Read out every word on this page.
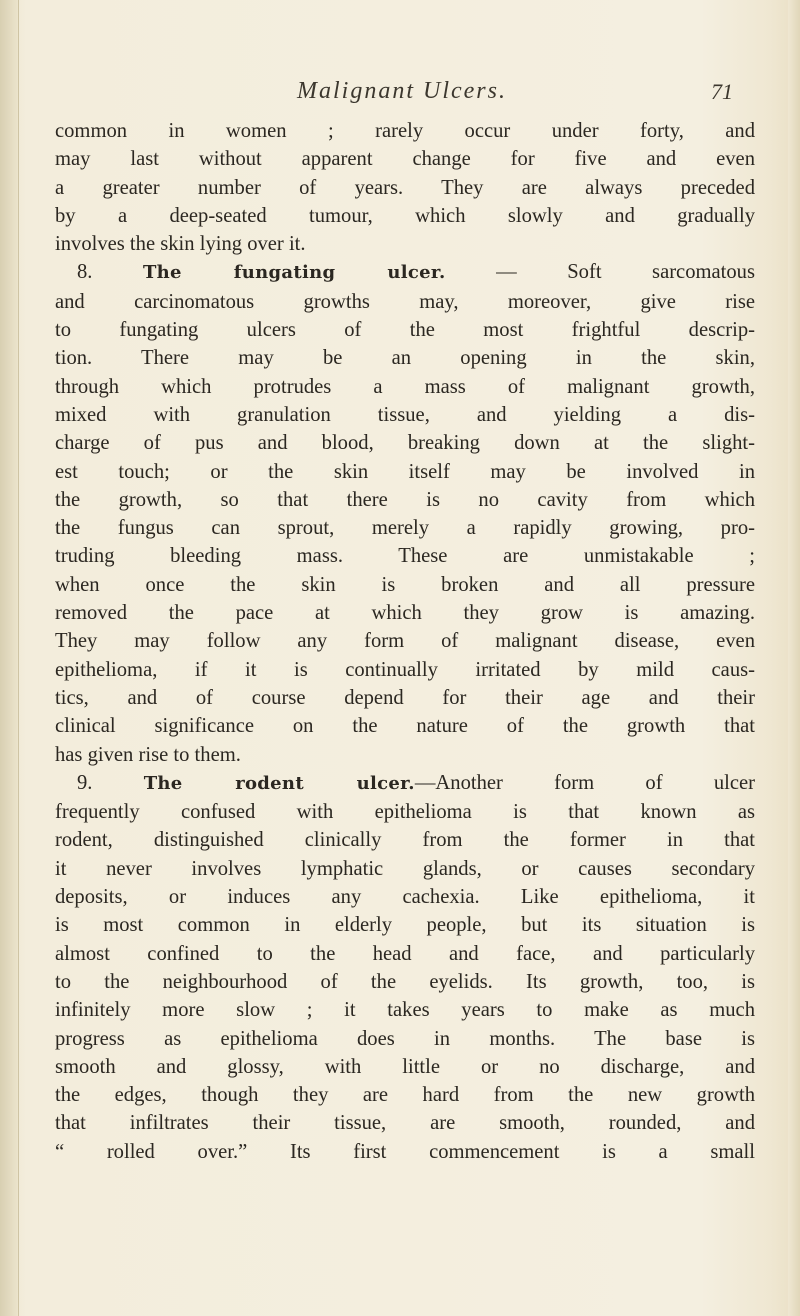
Malignant Ulcers.	71
common in women ; rarely occur under forty, and
may last without apparent change for five and even
a greater number of years. They are always preceded
by a deep-seated tumour, which slowly and gradually
involves the skin lying over it.
8.	The fungating ulcer. — Soft sarcomatous
and carcinomatous growths may, moreover, give rise
to fungating ulcers of the most frightful descrip-
tion. There may be an opening in the skin,
through which protrudes a mass of malignant growth,
mixed with granulation tissue, and yielding a dis-
charge of pus and blood, breaking down at the slight-
est touch; or the skin itself may be involved in
the growth, so that there is no cavity from which
the fungus can sprout, merely a rapidly growing, pro-
truding bleeding mass. These are unmistakable ;
when once the skin is broken and all pressure
removed the pace at which they grow is amazing.
They may follow any form of malignant disease, even
epithelioma, if it is continually irritated by mild caus-
tics, and of course depend for their age and their
clinical significance on the nature of the growth that
has given rise to them.
9.	The rodent ulcer.—Another form of ulcer
frequently confused with epithelioma is that known as
rodent, distinguished clinically from the former in that
it never involves lymphatic glands, or causes secondary
deposits, or induces any cachexia. Like epithelioma, it
is most common in elderly people, but its situation is
almost confined to the head and face, and particularly
to the neighbourhood of the eyelids. Its growth, too, is
infinitely more slow ; it takes years to make as much
progress as epithelioma does in months. The base is
smooth and glossy, with little or no discharge, and
the edges, though they are hard from the new growth
that infiltrates their tissue, are smooth, rounded, and
“ rolled over.” Its first commencement is a small
